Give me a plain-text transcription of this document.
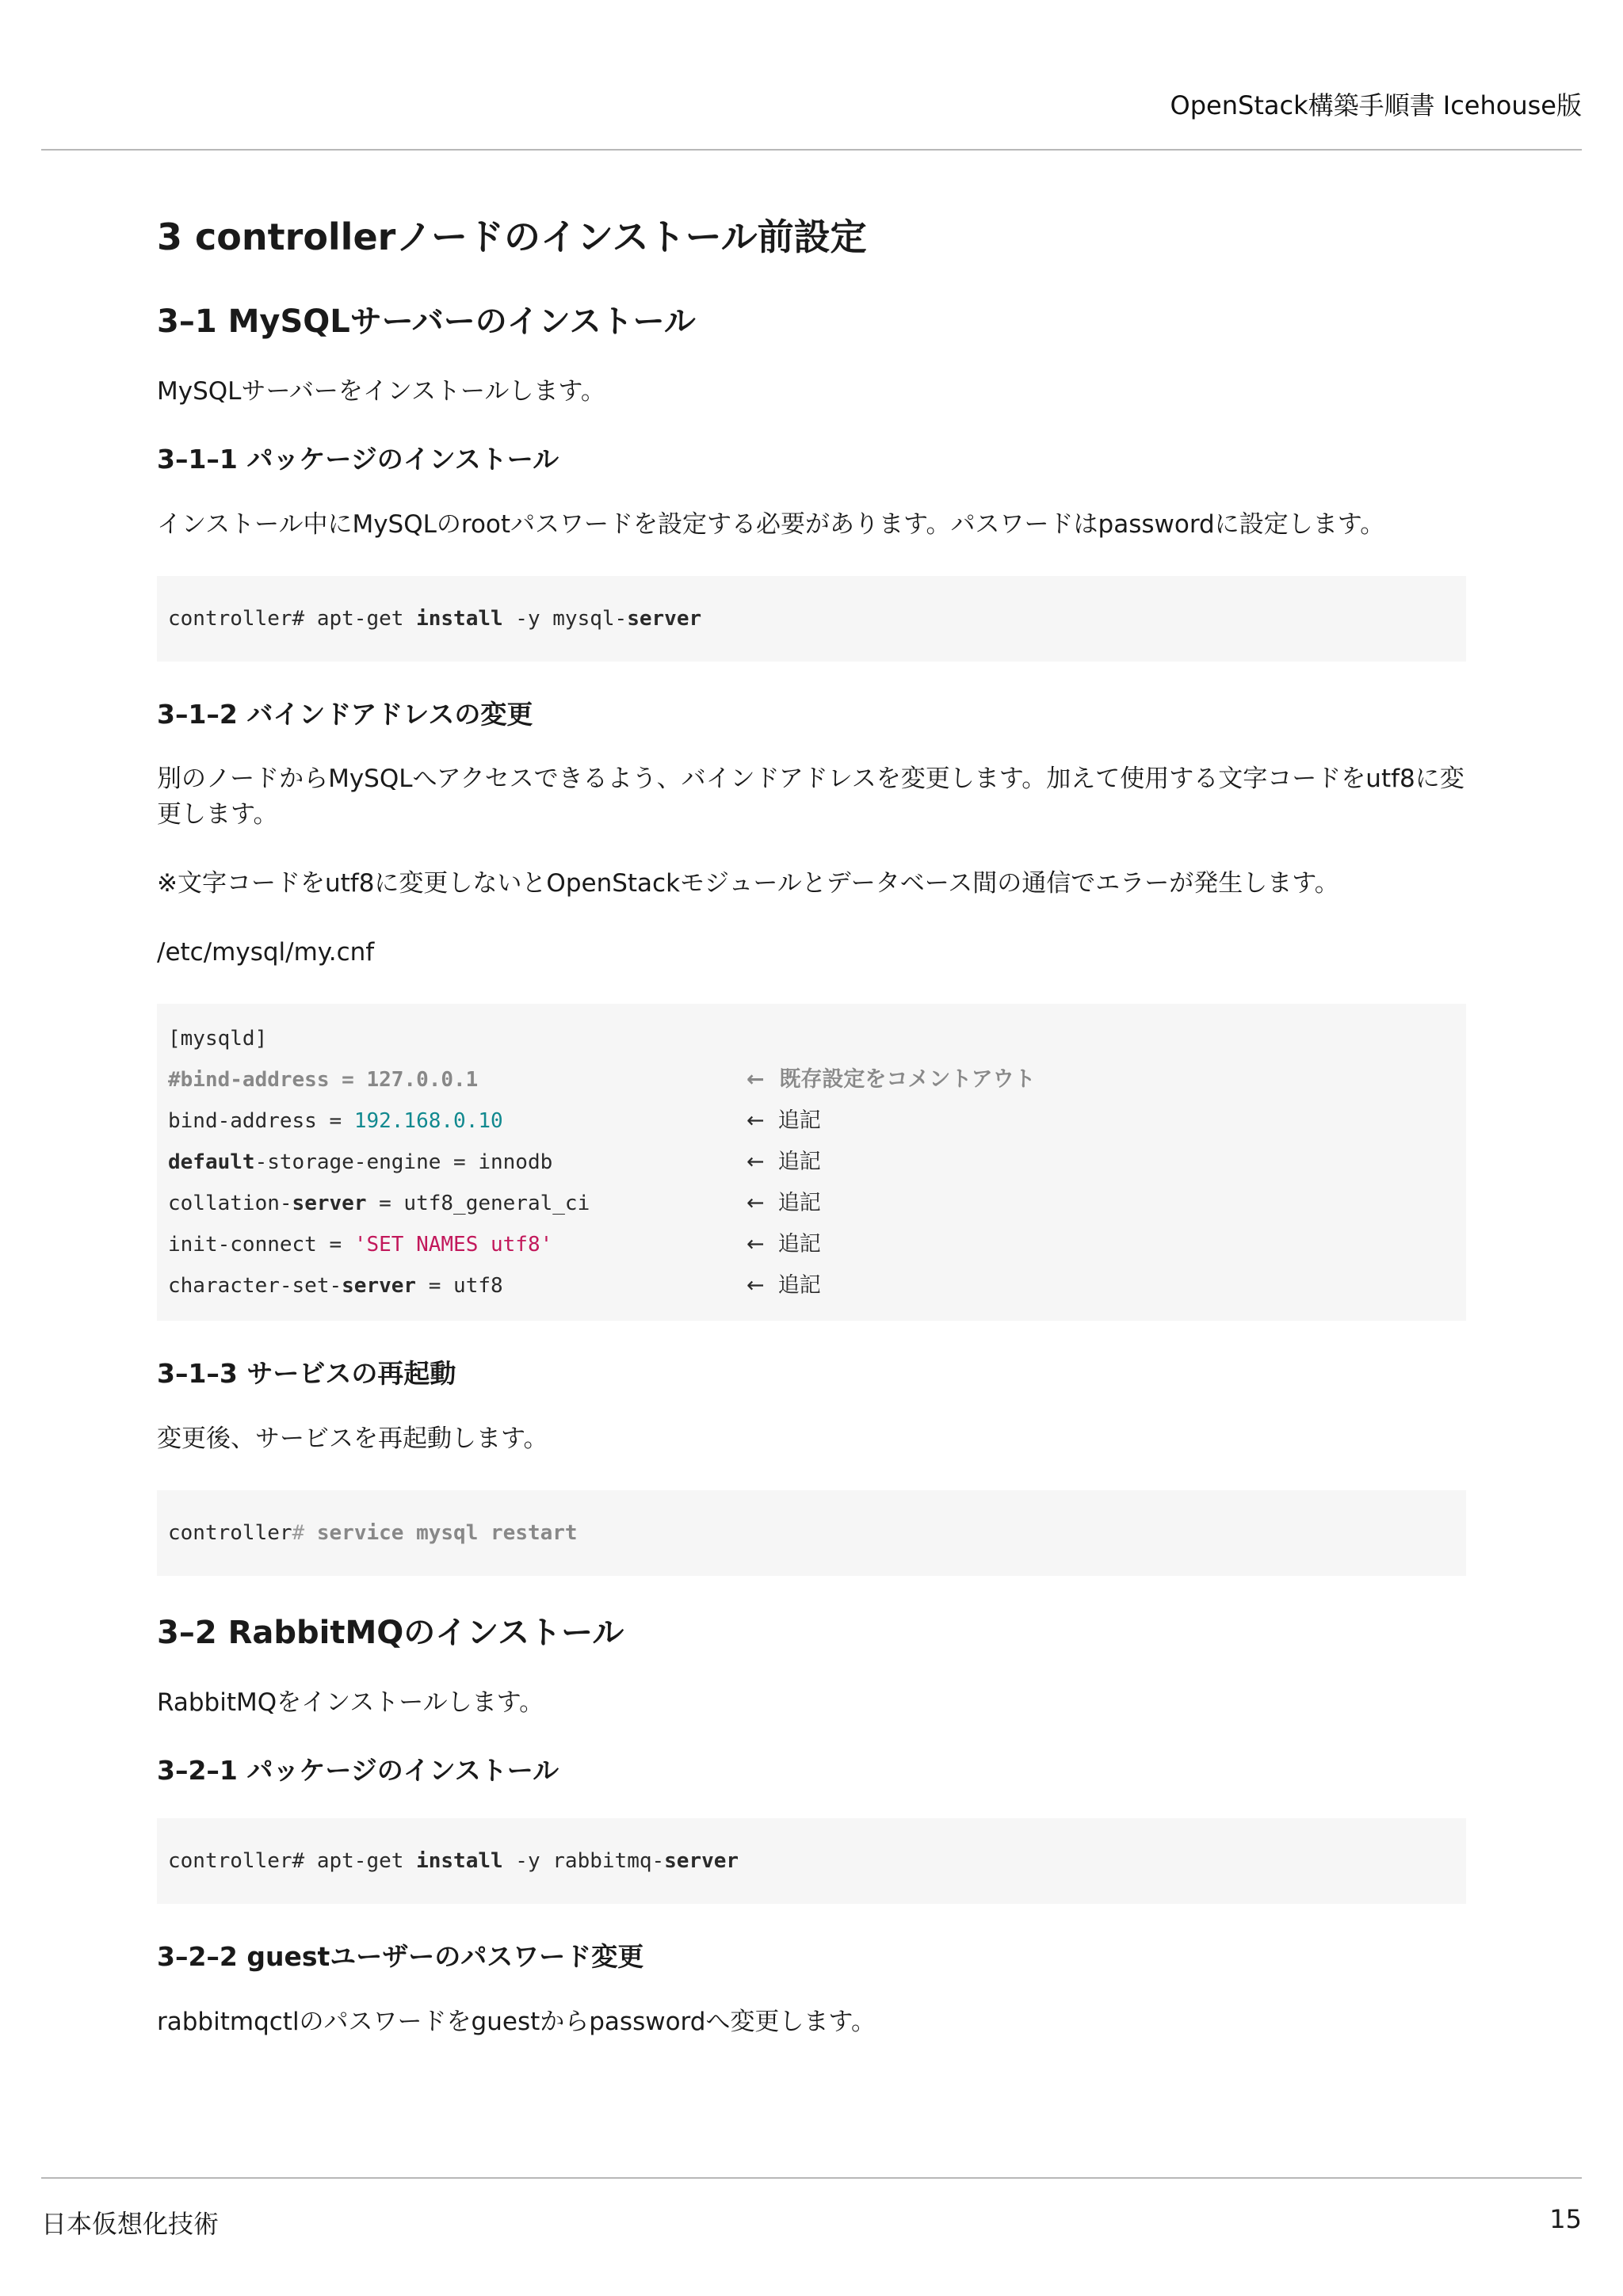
OpenStack構築手順書 Icehouse版
3 controllerノードのインストール前設定
3–1 MySQLサーバーのインストール

MySQLサーバーをインストールします。

3–1–1 パッケージのインストール

インストール中にMySQLのrootパスワードを設定する必要があります。パスワードはpasswordに設定します。

controller# apt-get install -y mysql- server
3–1–2 バインドアドレスの変更

別のノードからMySQLへアクセスできるよう、バインドアドレスを変更します。加えて使用する文字コードをutf8に変更します。

※文字コードをutf8に変更しないとOpenStackモジュールとデータベース間の通信でエラーが発生します。

/etc/mysql/my.cnf

[mysqld]
#bind-address = 127.0.0.1	←  既存設定をコメントアウト
bind-address = 192.168.0.10	←  追記
default-storage-engine = innodb	←  追記
collation-server = utf8_general_ci	←  追記
init-connect = 'SET NAMES utf8'	←  追記
character-set-server = utf8	←  追記
3–1–3 サービスの再起動

変更後、サービスを再起動します。

controller # service mysql restart
3–2 RabbitMQのインストール

RabbitMQをインストールします。

3–2–1 パッケージのインストール
controller# apt-get install -y rabbitmq- server
3–2–2 guestユーザーのパスワード変更

rabbitmqctlのパスワードをguestからpasswordへ変更します。

日本仮想化技術	15
